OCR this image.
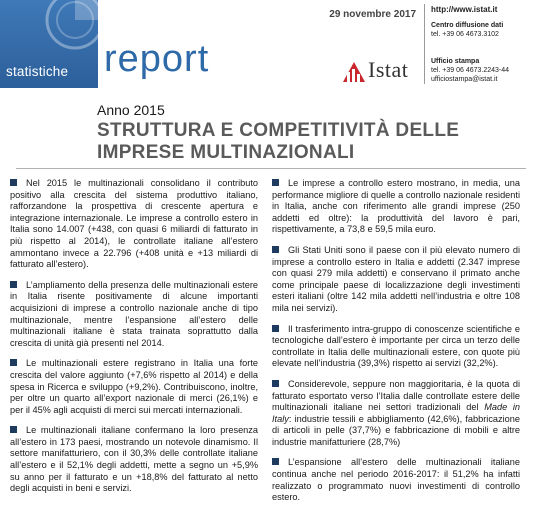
statistiche report
29 novembre 2017
Istat
http://www.istat.it
Centro diffusione dati
tel. +39 06 4673.3102
Ufficio stampa
tel. +39 06 4673.2243-44
ufficiostampa@istat.it
Anno 2015
STRUTTURA E COMPETITIVITÀ DELLE
IMPRESE MULTINAZIONALI

Nel 2015 le multinazionali consolidano il contributo positivo alla crescita del sistema produttivo italiano, rafforzandone la prospettiva di crescente apertura e integrazione internazionale. Le imprese a controllo estero in Italia sono 14.007 (+438, con quasi 6 miliardi di fatturato in più rispetto al 2014), le controllate italiane all’estero ammontano invece a 22.796 (+408 unità e +13 miliardi di fatturato all’estero).

L’ampliamento della presenza delle multinazionali estere in Italia risente positivamente di alcune importanti acquisizioni di imprese a controllo nazionale anche di tipo multinazionale, mentre l’espansione all’estero delle multinazionali italiane è stata trainata soprattutto dalla crescita di unità già presenti nel 2014.

Le multinazionali estere registrano in Italia una forte crescita del valore aggiunto (+7,6% rispetto al 2014) e della spesa in Ricerca e sviluppo (+9,2%). Contribuiscono, inoltre, per oltre un quarto all’export nazionale di merci (26,1%) e per il 45% agli acquisti di merci sui mercati internazionali.

Le multinazionali italiane confermano la loro presenza all’estero in 173 paesi, mostrando un notevole dinamismo. Il settore manifatturiero, con il 30,3% delle controllate italiane all’estero e il 52,1% degli addetti, mette a segno un +5,9% su anno per il fatturato e un +18,8% del fatturato al netto degli acquisti in beni e servizi.

Le imprese a controllo estero mostrano, in media, una performance migliore di quelle a controllo nazionale residenti in Italia, anche con riferimento alle grandi imprese (250 addetti ed oltre): la produttività del lavoro è pari, rispettivamente, a 73,8 e 59,5 mila euro.

Gli Stati Uniti sono il paese con il più elevato numero di imprese a controllo estero in Italia e addetti (2.347 imprese con quasi 279 mila addetti) e conservano il primato anche come principale paese di localizzazione degli investimenti esteri italiani (oltre 142 mila addetti nell’industria e oltre 108 mila nei servizi).

Il trasferimento intra-gruppo di conoscenze scientifiche e tecnologiche dall’estero è importante per circa un terzo delle controllate in Italia delle multinazionali estere, con quote più elevate nell’industria (39,3%) rispetto ai servizi (32,2%).

Considerevole, seppure non maggioritaria, è la quota di fatturato esportato verso l’Italia dalle controllate estere delle multinazionali italiane nei settori tradizionali del Made in Italy: industrie tessili e abbigliamento (42,6%), fabbricazione di articoli in pelle (37,7%) e fabbricazione di mobili e altre industrie manifatturiere (28,7%)

L’espansione all’estero delle multinazionali italiane continua anche nel periodo 2016-2017: il 51,2% ha infatti realizzato o programmato nuovi investimenti di controllo estero.
